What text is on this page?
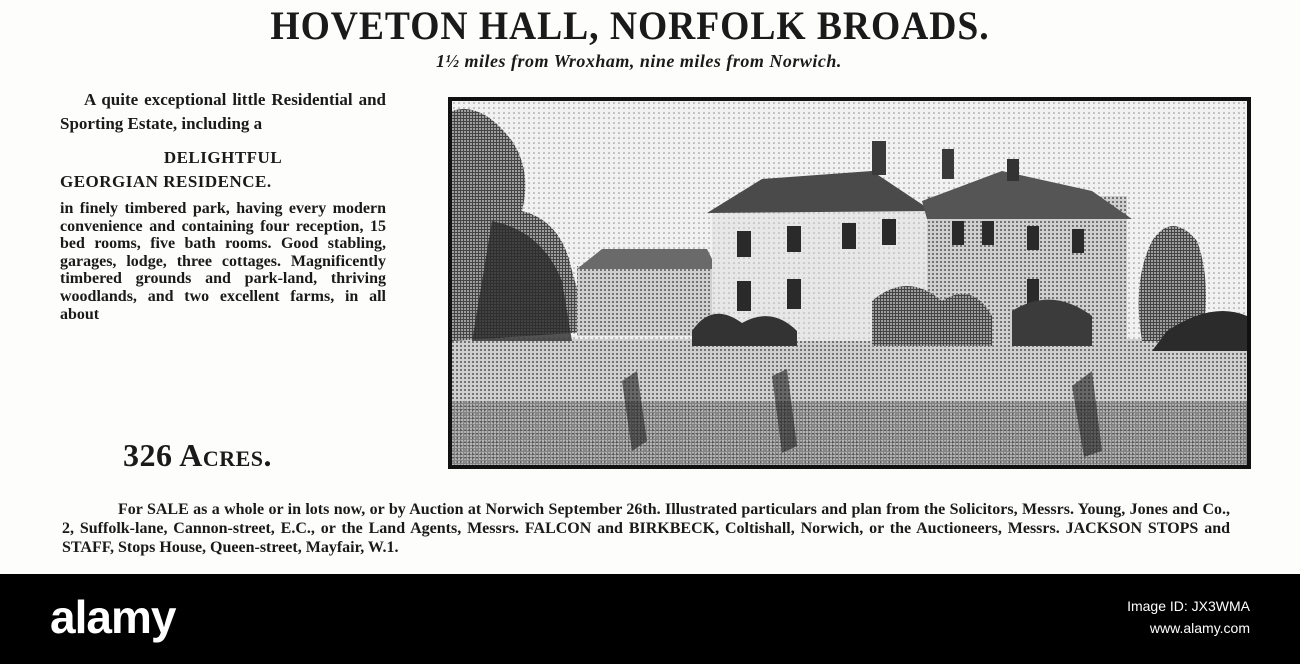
HOVETON HALL, NORFOLK BROADS.
1½ miles from Wroxham, nine miles from Norwich.

A quite exceptional little Residential and Sporting Estate, including a

DELIGHTFUL

GEORGIAN RESIDENCE.

in finely timbered park, having every modern convenience and containing four reception, 15 bed rooms, five bath rooms. Good stabling, garages, lodge, three cottages. Magnificently timbered grounds and park-land, thriving woodlands, and two excellent farms, in all about

326 Acres.

For SALE as a whole or in lots now, or by Auction at Norwich September 26th. Illustrated particulars and plan from the Solicitors, Messrs. Young, Jones and Co., 2, Suffolk-lane, Cannon-street, E.C., or the Land Agents, Messrs. FALCON and BIRKBECK, Coltishall, Norwich, or the Auctioneers, Messrs. JACKSON STOPS and STAFF, Stops House, Queen-street, Mayfair, W.1.

alamy	Image ID: JX3WMA
www.alamy.com
